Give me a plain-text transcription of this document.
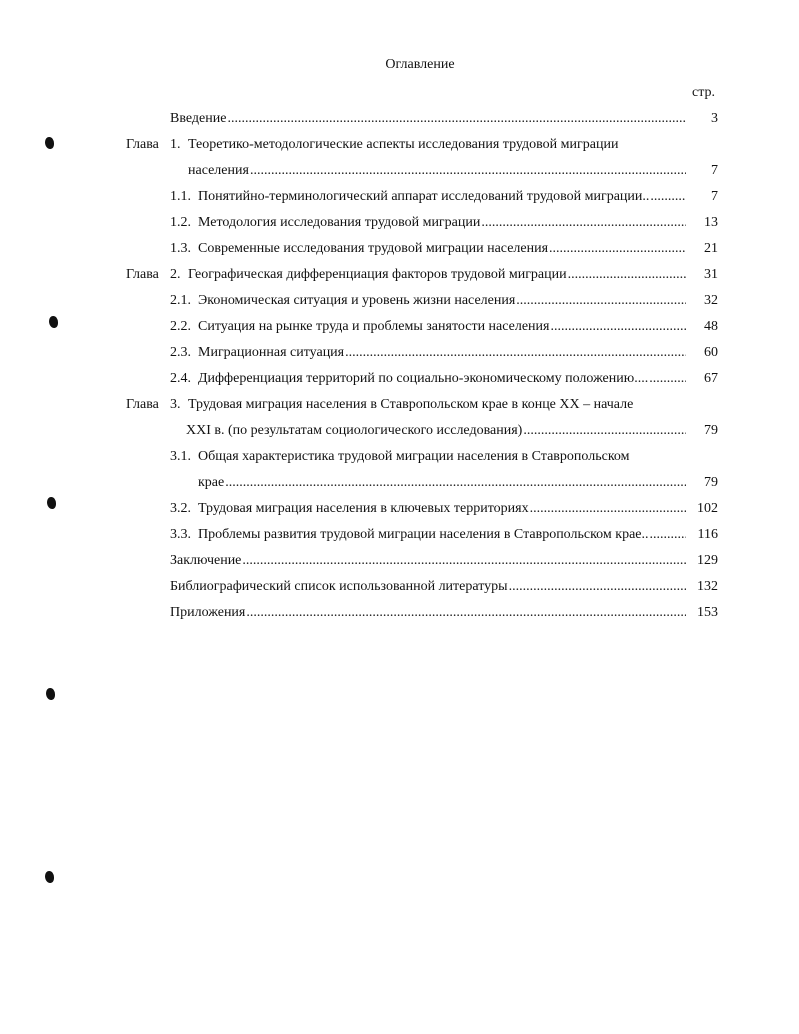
Оглавление
стр.
Введение .....	3
Глава 1. Теоретико-методологические аспекты исследования трудовой миграции
населения .....	7
1.1. Понятийно-терминологический аппарат исследований трудовой миграции.. .....	7
1.2. Методология исследования трудовой миграции .....	13
1.3. Современные исследования трудовой миграции населения .....	21
Глава 2. Географическая дифференциация факторов трудовой миграции .....	31
2.1. Экономическая ситуация и уровень жизни населения .....	32
2.2. Ситуация на рынке труда и проблемы занятости населения .....	48
2.3. Миграционная ситуация .....	60
2.4. Дифференциация территорий по социально-экономическому положению.... .....	67
Глава 3. Трудовая миграция населения в Ставропольском крае в конце XX – начале
XXI в. (по результатам социологического исследования) .....	79
3.1. Общая характеристика трудовой миграции населения в Ставропольском
крае .....	79
3.2. Трудовая миграция населения в ключевых территориях .....	102
3.3. Проблемы развития трудовой миграции населения в Ставропольском крае.. .....	116
Заключение .....	129
Библиографический список использованной литературы .....	132
Приложения .....	153
